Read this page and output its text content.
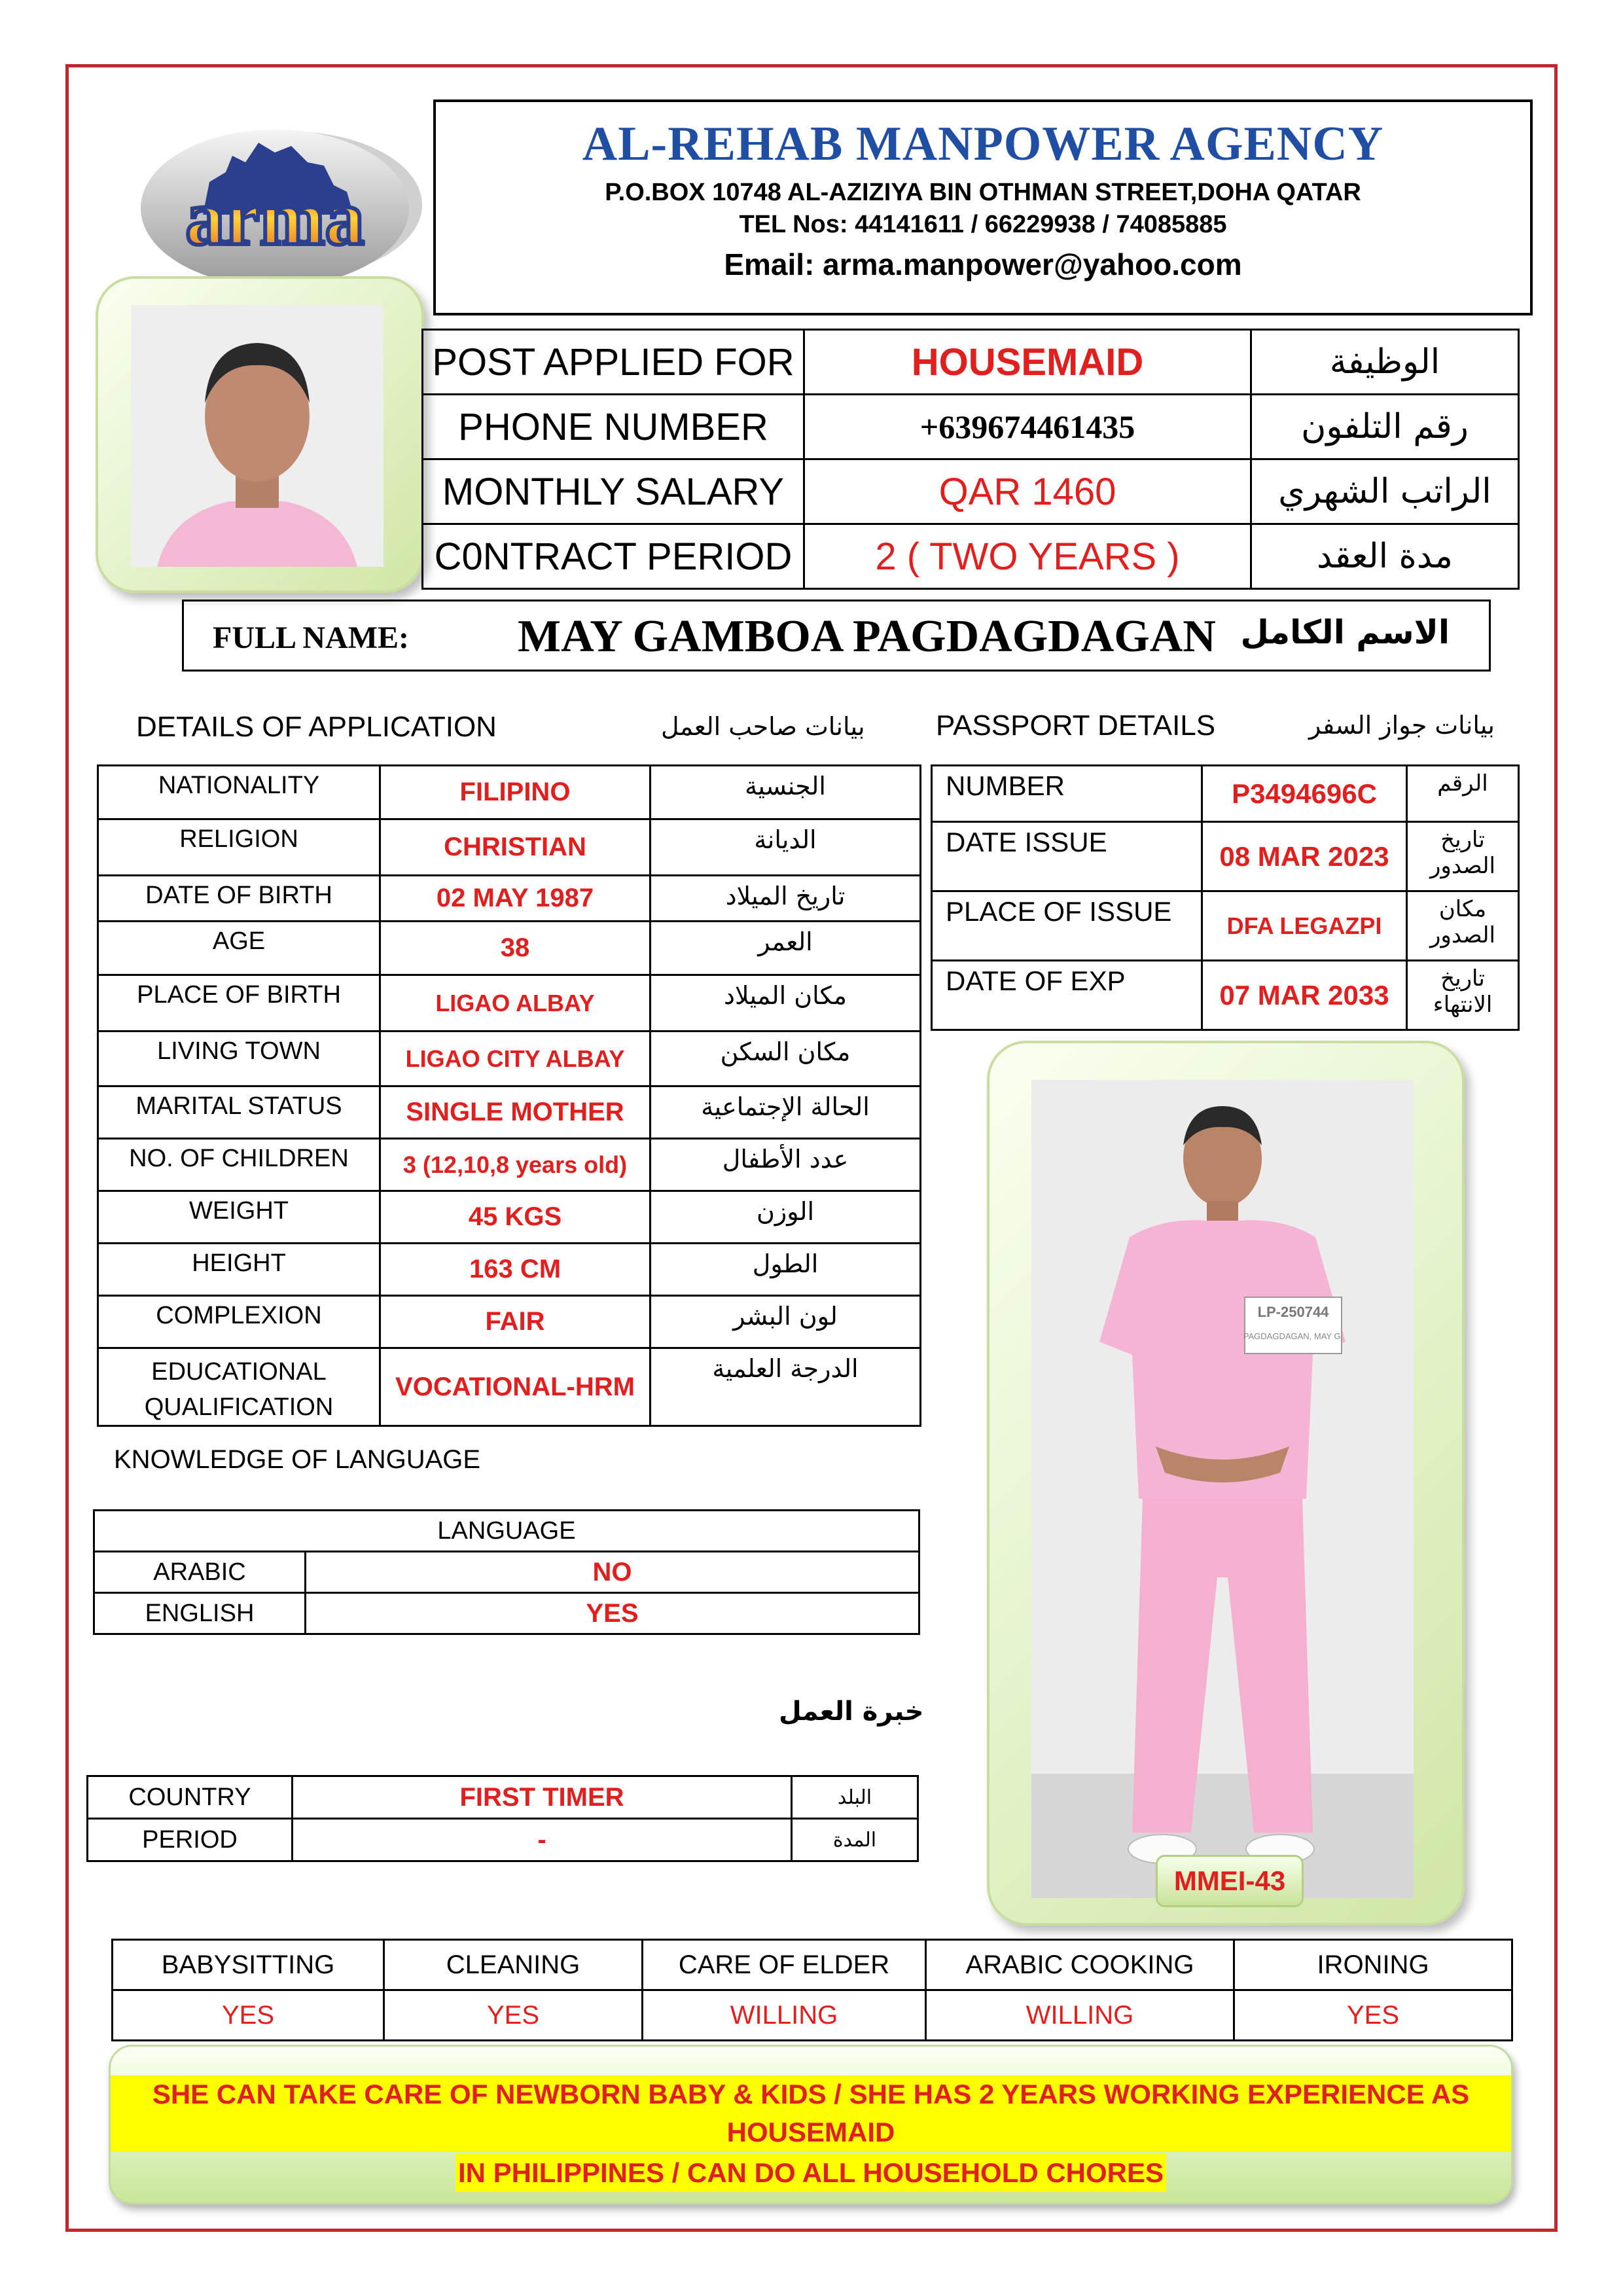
arma
AL-REHAB MANPOWER AGENCY
P.O.BOX 10748 AL-AZIZIYA BIN OTHMAN STREET,DOHA QATAR
TEL Nos: 44141611 / 66229938 / 74085885
Email: arma.manpower@yahoo.com
POST APPLIED FOR	HOUSEMAID	الوظيفة
PHONE NUMBER	+639674461435	رقم التلفون
MONTHLY SALARY	QAR 1460	الراتب الشهري
C0NTRACT PERIOD	2 ( TWO YEARS )	مدة العقد
FULL NAME: MAY GAMBOA PAGDAGDAGAN الاسم الكامل
DETAILS OF APPLICATION	بيانات صاحب العمل PASSPORT DETAILS	بيانات جواز السفر
NATIONALITY	FILIPINO	الجنسية
RELIGION	CHRISTIAN	الديانة
DATE OF BIRTH	02 MAY 1987	تاريخ الميلاد
AGE	38	العمر
PLACE OF BIRTH	LIGAO ALBAY	مكان الميلاد
LIVING TOWN	LIGAO CITY ALBAY	مكان السكن
MARITAL STATUS	SINGLE MOTHER	الحالة الإجتماعية
NO. OF CHILDREN	3 (12,10,8 years old)	عدد الأطفال
WEIGHT	45 KGS	الوزن
HEIGHT	163 CM	الطول
COMPLEXION	FAIR	لون البشر
EDUCATIONAL QUALIFICATION	VOCATIONAL-HRM	الدرجة العلمية
NUMBER	P3494696C	الرقم
DATE ISSUE	08 MAR 2023	تاريخ الصدور
PLACE OF ISSUE	DFA LEGAZPI	مكان الصدور
DATE OF EXP	07 MAR 2033	تاريخ الانتهاء
LP-250744
PAGDAGDAGAN, MAY G.
MMEI-43
KNOWLEDGE OF LANGUAGE
LANGUAGE	
ARABIC	NO
ENGLISH	YES
خبرة العمل
COUNTRY	FIRST TIMER	البلد
PERIOD	-	المدة
BABYSITTING	CLEANING	CARE OF ELDER	ARABIC COOKING	IRONING
YES	YES	WILLING	WILLING	YES
SHE CAN TAKE CARE OF NEWBORN BABY & KIDS / SHE HAS 2 YEARS WORKING EXPERIENCE AS HOUSEMAID
IN PHILIPPINES / CAN DO ALL HOUSEHOLD CHORES
